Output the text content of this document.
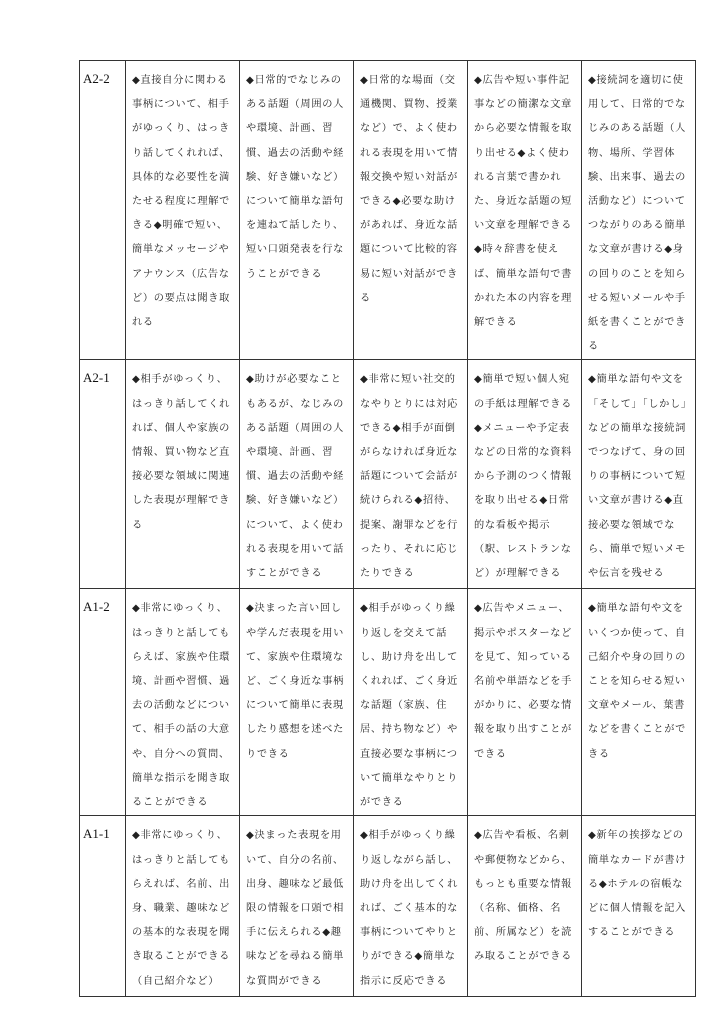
A2-2	◆直接自分に関わる事柄について、相手がゆっくり、はっきり話してくれれば、具体的な必要性を満たせる程度に理解できる◆明確で短い、簡単なメッセージやアナウンス（広告など）の要点は聞き取れる	◆日常的でなじみのある話題（周囲の人や環境、計画、習慣、過去の活動や経験、好き嫌いなど）について簡単な語句を連ねて話したり、短い口頭発表を行なうことができる	◆日常的な場面（交通機関、買物、授業など）で、よく使われる表現を用いて情報交換や短い対話ができる◆必要な助けがあれば、身近な話題について比較的容易に短い対話ができる	◆広告や短い事件記事などの簡潔な文章から必要な情報を取り出せる◆よく使われる言葉で書かれた、身近な話題の短い文章を理解できる◆時々辞書を使えば、簡単な語句で書かれた本の内容を理解できる	◆接続詞を適切に使用して、日常的でなじみのある話題（人物、場所、学習体験、出来事、過去の活動など）についてつながりのある簡単な文章が書ける◆身の回りのことを知らせる短いメールや手紙を書くことができる
A2-1	◆相手がゆっくり、はっきり話してくれれば、個人や家族の情報、買い物など直接必要な領域に関連した表現が理解できる	◆助けが必要なこともあるが、なじみのある話題（周囲の人や環境、計画、習慣、過去の活動や経験、好き嫌いなど）について、よく使われる表現を用いて話すことができる	◆非常に短い社交的なやりとりには対応できる◆相手が面倒がらなければ身近な話題について会話が続けられる◆招待、提案、謝罪などを行ったり、それに応じたりできる	◆簡単で短い個人宛の手紙は理解できる◆メニューや予定表などの日常的な資料から予測のつく情報を取り出せる◆日常的な看板や掲示（駅、レストランなど）が理解できる	◆簡単な語句や文を「そして」「しかし」などの簡単な接続詞でつなげて、身の回りの事柄について短い文章が書ける◆直接必要な領域でなら、簡単で短いメモや伝言を残せる
A1-2	◆非常にゆっくり、はっきりと話してもらえば、家族や住環境、計画や習慣、過去の活動などについて、相手の話の大意や、自分への質問、簡単な指示を聞き取ることができる	◆決まった言い回しや学んだ表現を用いて、家族や住環境など、ごく身近な事柄について簡単に表現したり感想を述べたりできる	◆相手がゆっくり繰り返しを交えて話し、助け舟を出してくれれば、ごく身近な話題（家族、住居、持ち物など）や直接必要な事柄について簡単なやりとりができる	◆広告やメニュー、掲示やポスターなどを見て、知っている名前や単語などを手がかりに、必要な情報を取り出すことができる	◆簡単な語句や文をいくつか使って、自己紹介や身の回りのことを知らせる短い文章やメール、葉書などを書くことができる
A1-1	◆非常にゆっくり、はっきりと話してもらえれば、名前、出身、職業、趣味などの基本的な表現を聞き取ることができる（自己紹介など）	◆決まった表現を用いて、自分の名前、出身、趣味など最低限の情報を口頭で相手に伝えられる◆趣味などを尋ねる簡単な質問ができる	◆相手がゆっくり繰り返しながら話し、助け舟を出してくれれば、ごく基本的な事柄についてやりとりができる◆簡単な指示に反応できる	◆広告や看板、名刺や郵便物などから、もっとも重要な情報（名称、価格、名前、所属など）を読み取ることができる	◆新年の挨拶などの簡単なカードが書ける◆ホテルの宿帳などに個人情報を記入することができる
